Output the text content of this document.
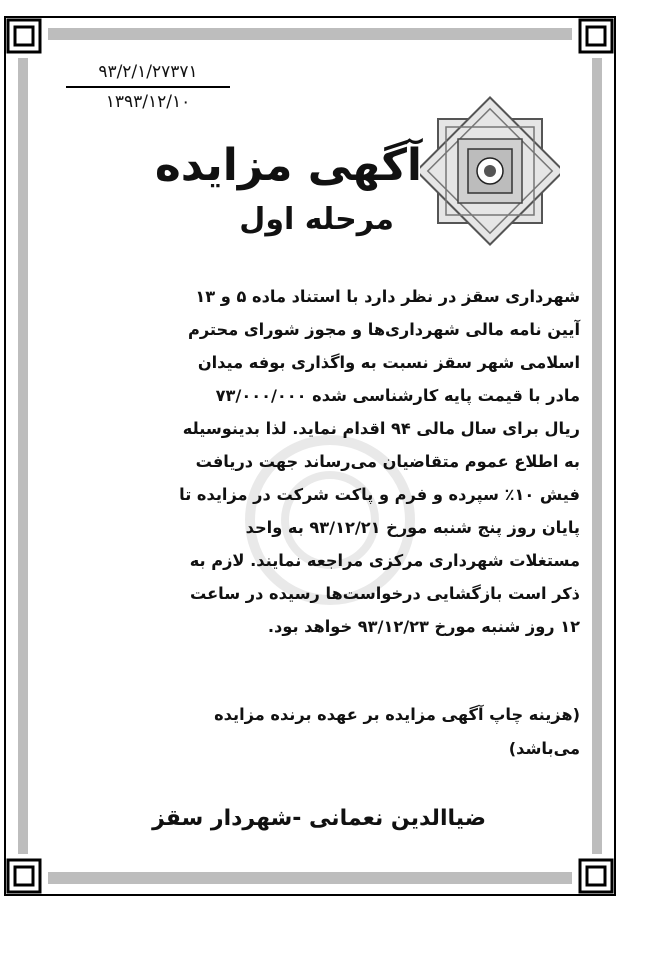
۹۳/۲/۱/۲۷۳۷۱
۱۳۹۳/۱۲/۱۰
آگهی مزایده
مرحله اول
شهرداری سقز در نظر دارد با استناد ماده ۵ و ۱۳
آیین نامه مالی شهرداری‌ها و مجوز شورای محترم
اسلامی شهر سقز نسبت به واگذاری بوفه میدان
مادر با قیمت پایه کارشناسی شده ۷۳/۰۰۰/۰۰۰
ریال برای سال مالی ۹۴ اقدام نماید. لذا بدینوسیله
به اطلاع عموم متقاضیان می‌رساند جهت دریافت
فیش ۱۰٪ سپرده و فرم و پاکت شرکت در مزایده تا
پایان روز پنج شنبه مورخ ۹۳/۱۲/۲۱ به واحد
مستغلات شهرداری مرکزی مراجعه نمایند. لازم به
ذکر است بازگشایی درخواست‌ها رسیده در ساعت
۱۲ روز شنبه مورخ ۹۳/۱۲/۲۳ خواهد بود.
(هزینه چاپ آگهی مزایده بر عهده برنده مزایده
می‌باشد)
ضیاالدین نعمانی -شهردار سقز
